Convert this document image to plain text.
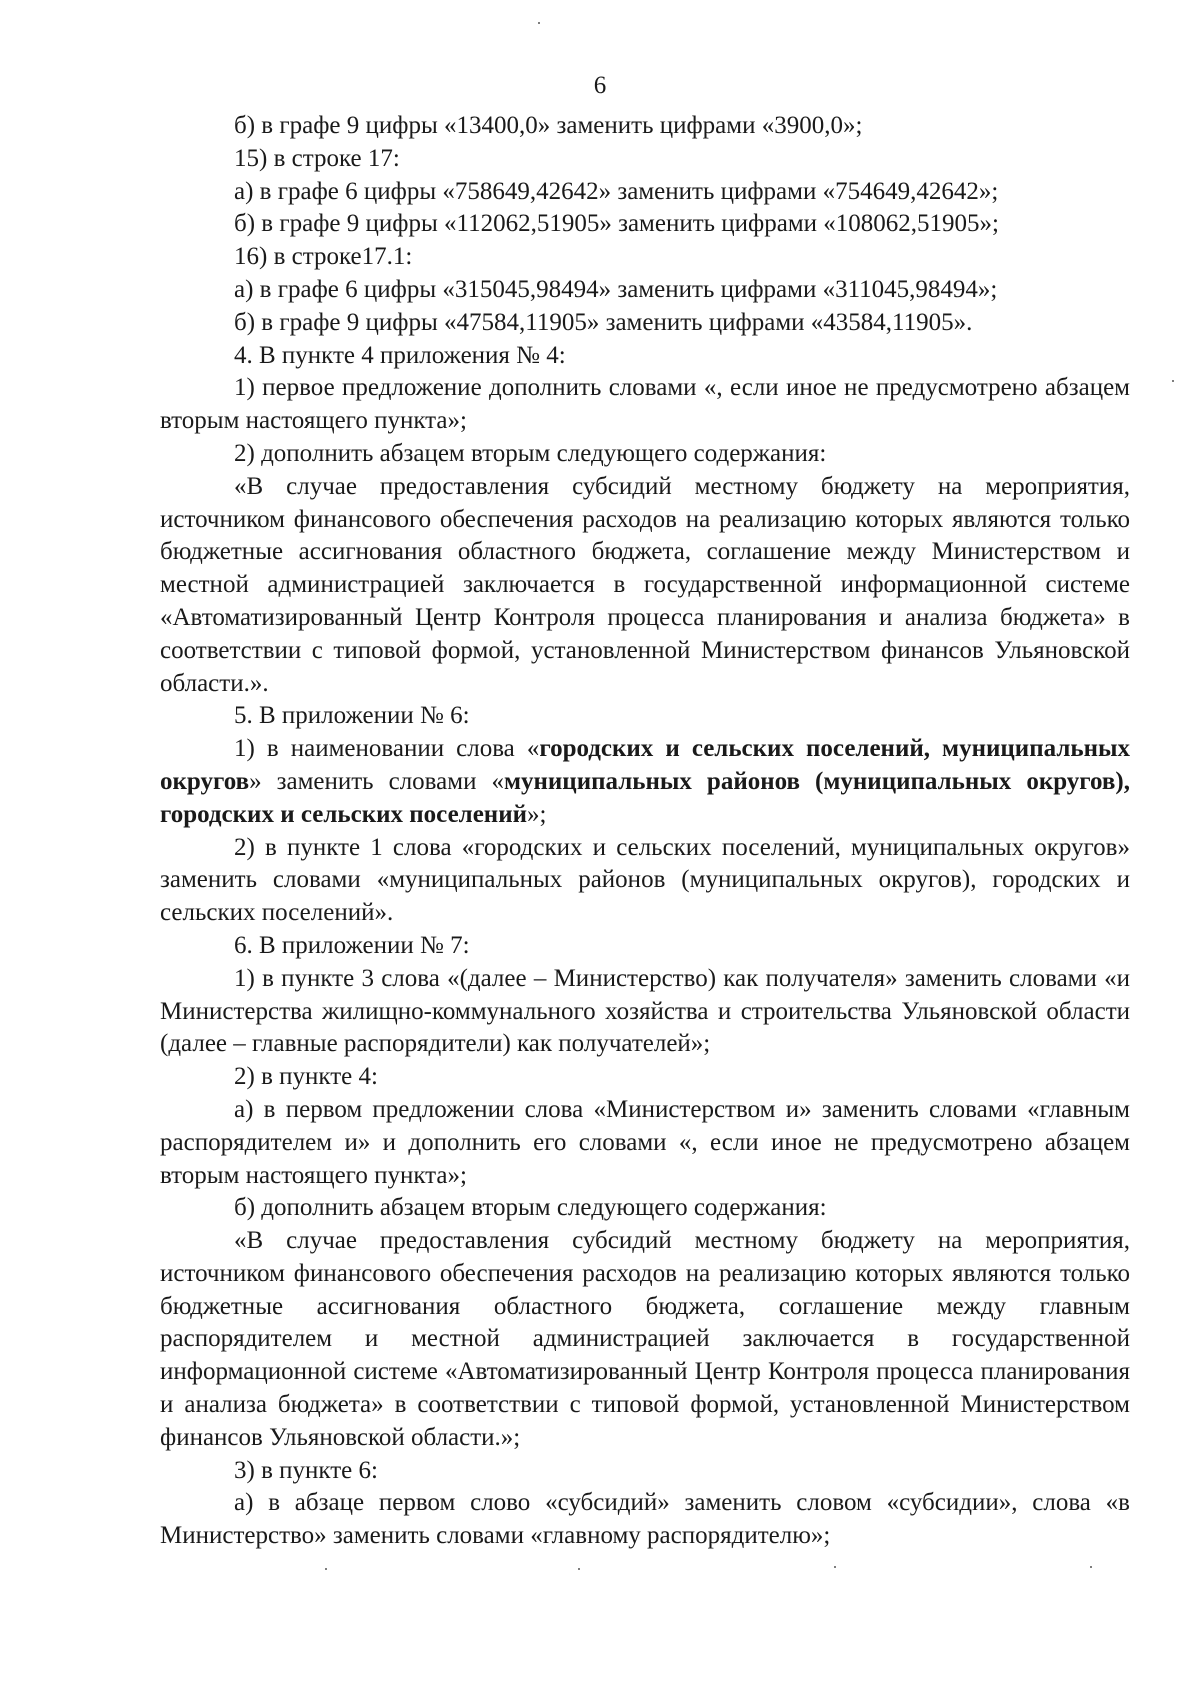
6

б) в графе 9 цифры «13400,0» заменить цифрами «3900,0»;

15) в строке 17:

а) в графе 6 цифры «758649,42642» заменить цифрами «754649,42642»;

б) в графе 9 цифры «112062,51905» заменить цифрами «108062,51905»;

16) в строке17.1:

а) в графе 6 цифры «315045,98494» заменить цифрами «311045,98494»;

б) в графе 9 цифры «47584,11905» заменить цифрами «43584,11905».

4. В пункте 4 приложения № 4:

1) первое предложение дополнить словами «, если иное не предусмотрено абзацем вторым настоящего пункта»;

2) дополнить абзацем вторым следующего содержания:

«В случае предоставления субсидий местному бюджету на мероприятия, источником финансового обеспечения расходов на реализацию которых являются только бюджетные ассигнования областного бюджета, соглашение между Министерством и местной администрацией заключается в государственной информационной системе «Автоматизированный Центр Контроля процесса планирования и анализа бюджета» в соответствии с типовой формой, установленной Министерством финансов Ульяновской области.».

5. В приложении № 6:

1) в наименовании слова «городских и сельских поселений, муниципальных округов» заменить словами «муниципальных районов (муниципальных округов), городских и сельских поселений»;

2) в пункте 1 слова «городских и сельских поселений, муниципальных округов» заменить словами «муниципальных районов (муниципальных округов), городских и сельских поселений».

6. В приложении № 7:

1) в пункте 3 слова «(далее – Министерство) как получателя» заменить словами «и Министерства жилищно-коммунального хозяйства и строительства Ульяновской области (далее – главные распорядители) как получателей»;

2) в пункте 4:

а) в первом предложении слова «Министерством и» заменить словами «главным распорядителем и» и дополнить его словами «, если иное не предусмотрено абзацем вторым настоящего пункта»;

б) дополнить абзацем вторым следующего содержания:

«В случае предоставления субсидий местному бюджету на мероприятия, источником финансового обеспечения расходов на реализацию которых являются только бюджетные ассигнования областного бюджета, соглашение между главным распорядителем и местной администрацией заключается в государственной информационной системе «Автоматизированный Центр Контроля процесса планирования и анализа бюджета» в соответствии с типовой формой, установленной Министерством финансов Ульяновской области.»;

3) в пункте 6:

а) в абзаце первом слово «субсидий» заменить словом «субсидии», слова «в Министерство» заменить словами «главному распорядителю»;
